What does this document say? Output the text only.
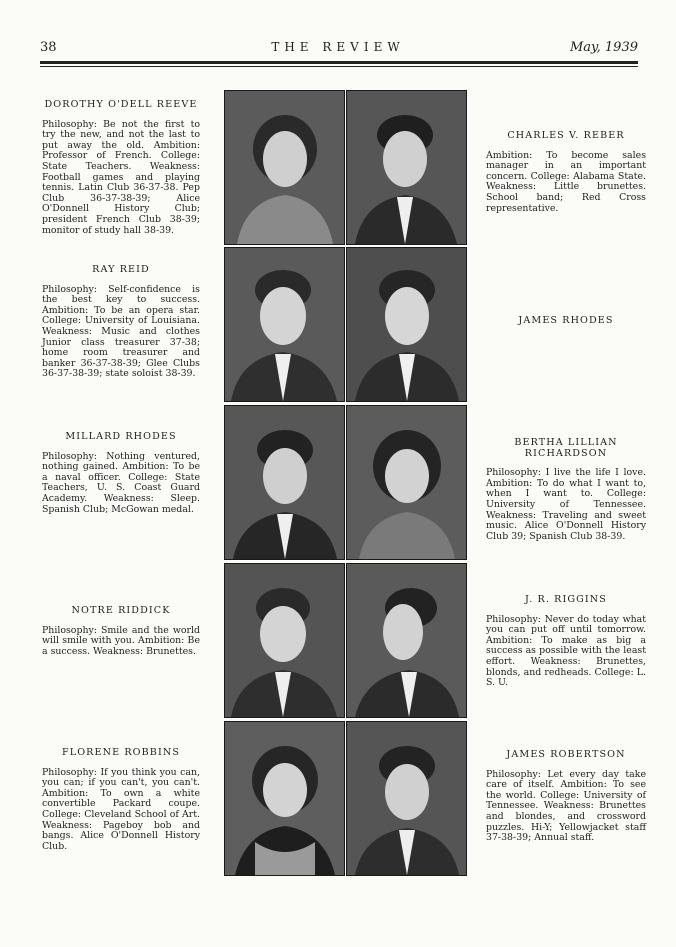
38	THE REVIEW	May, 1939
DOROTHY O'DELL REEVE
Philosophy: Be not the first to try the new, and not the last to put away the old. Ambition: Professor of French. College: State Teachers. Weakness: Football games and playing tennis. Latin Club 36-37-38. Pep Club 36-37-38-39; Alice O'Donnell History Club; president French Club 38-39; monitor of study hall 38-39.
CHARLES V. REBER
Ambition: To become sales manager in an important concern. College: Alabama State. Weakness: Little brunettes. School band; Red Cross representative.
RAY REID
Philosophy: Self-confidence is the best key to success. Ambition: To be an opera star. College: University of Louisiana. Weakness: Music and clothes Junior class treasurer 37-38; home room treasurer and banker 36-37-38-39; Glee Clubs 36-37-38-39; state soloist 38-39.
JAMES RHODES
MILLARD RHODES
Philosophy: Nothing ventured, nothing gained. Ambition: To be a naval officer. College: State Teachers, U. S. Coast Guard Academy. Weakness: Sleep. Spanish Club; McGowan medal.
BERTHA LILLIAN RICHARDSON
Philosophy: I live the life I love. Ambition: To do what I want to, when I want to. College: University of Tennessee. Weakness: Traveling and sweet music. Alice O'Donnell History Club 39; Spanish Club 38-39.
NOTRE RIDDICK
Philosophy: Smile and the world will smile with you. Ambition: Be a success. Weakness: Brunettes.
J. R. RIGGINS
Philosophy: Never do today what you can put off until tomorrow. Ambition: To make as big a success as possible with the least effort. Weakness: Brunettes, blonds, and redheads. College: L. S. U.
FLORENE ROBBINS
Philosophy: If you think you can, you can; if you can't, you can't. Ambition: To own a white convertible Packard coupe. College: Cleveland School of Art. Weakness: Pageboy bob and bangs. Alice O'Donnell History Club.
JAMES ROBERTSON
Philosophy: Let every day take care of itself. Ambition: To see the world. College: University of Tennessee. Weakness: Brunettes and blondes, and crossword puzzles. Hi-Y; Yellowjacket staff 37-38-39; Annual staff.
